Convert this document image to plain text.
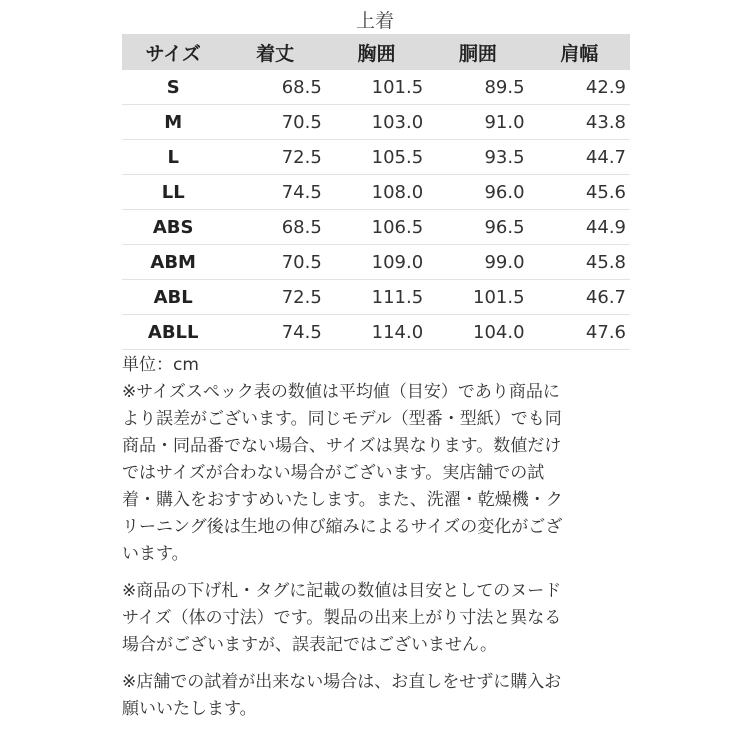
上着
サイズ	着丈	胸囲	胴囲	肩幅
S	68.5	101.5	89.5	42.9
M	70.5	103.0	91.0	43.8
L	72.5	105.5	93.5	44.7
LL	74.5	108.0	96.0	45.6
ABS	68.5	106.5	96.5	44.9
ABM	70.5	109.0	99.0	45.8
ABL	72.5	111.5	101.5	46.7
ABLL	74.5	114.0	104.0	47.6

単位：cm

※サイズスペック表の数値は平均値（目安）であり商品に

より誤差がございます。同じモデル（型番・型紙）でも同

商品・同品番でない場合、サイズは異なります。数値だけ

ではサイズが合わない場合がございます。実店舗での試

着・購入をおすすめいたします。また、洗濯・乾燥機・ク

リーニング後は生地の伸び縮みによるサイズの変化がござ

います。

※商品の下げ札・タグに記載の数値は目安としてのヌード

サイズ（体の寸法）です。製品の出来上がり寸法と異なる

場合がございますが、誤表記ではございません。

※店舗での試着が出来ない場合は、お直しをせずに購入お

願いいたします。
